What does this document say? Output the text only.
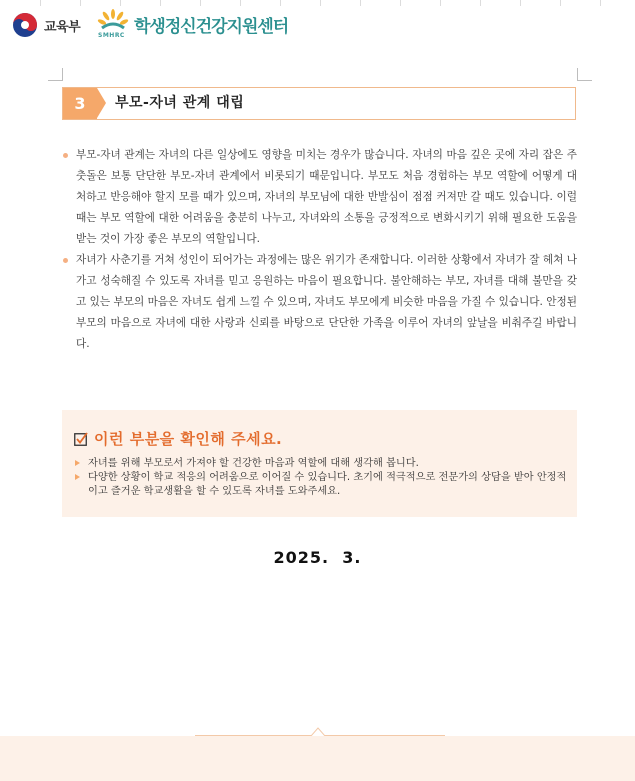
교육부
SMHRC 학생정신건강지원센터
3	부모-자녀 관계 대립
부모-자녀 관계는 자녀의 다른 일상에도 영향을 미치는 경우가 많습니다. 자녀의 마음 깊은 곳에 자리 잡은 주춧돌은 보통 단단한 부모-자녀 관계에서 비롯되기 때문입니다. 부모도 처음 경험하는 부모 역할에 어떻게 대처하고 반응해야 할지 모를 때가 있으며, 자녀의 부모님에 대한 반발심이 점점 커져만 갈 때도 있습니다. 이럴 때는 부모 역할에 대한 어려움을 충분히 나누고, 자녀와의 소통을 긍정적으로 변화시키기 위해 필요한 도움을 받는 것이 가장 좋은 부모의 역할입니다.
자녀가 사춘기를 거쳐 성인이 되어가는 과정에는 많은 위기가 존재합니다. 이러한 상황에서 자녀가 잘 헤쳐 나가고 성숙해질 수 있도록 자녀를 믿고 응원하는 마음이 필요합니다. 불안해하는 부모, 자녀를 대해 불만을 갖고 있는 부모의 마음은 자녀도 쉽게 느낄 수 있으며, 자녀도 부모에게 비슷한 마음을 가질 수 있습니다. 안정된 부모의 마음으로 자녀에 대한 사랑과 신뢰를 바탕으로 단단한 가족을 이루어 자녀의 앞날을 비춰주길 바랍니다.
이런 부분을 확인해 주세요.
자녀를 위해 부모로서 가져야 할 건강한 마음과 역할에 대해 생각해 봅니다.
다양한 상황이 학교 적응의 어려움으로 이어질 수 있습니다. 초기에 적극적으로 전문가의 상담을 받아 안정적이고 즐거운 학교생활을 할 수 있도록 자녀를 도와주세요.
2025.  3.
